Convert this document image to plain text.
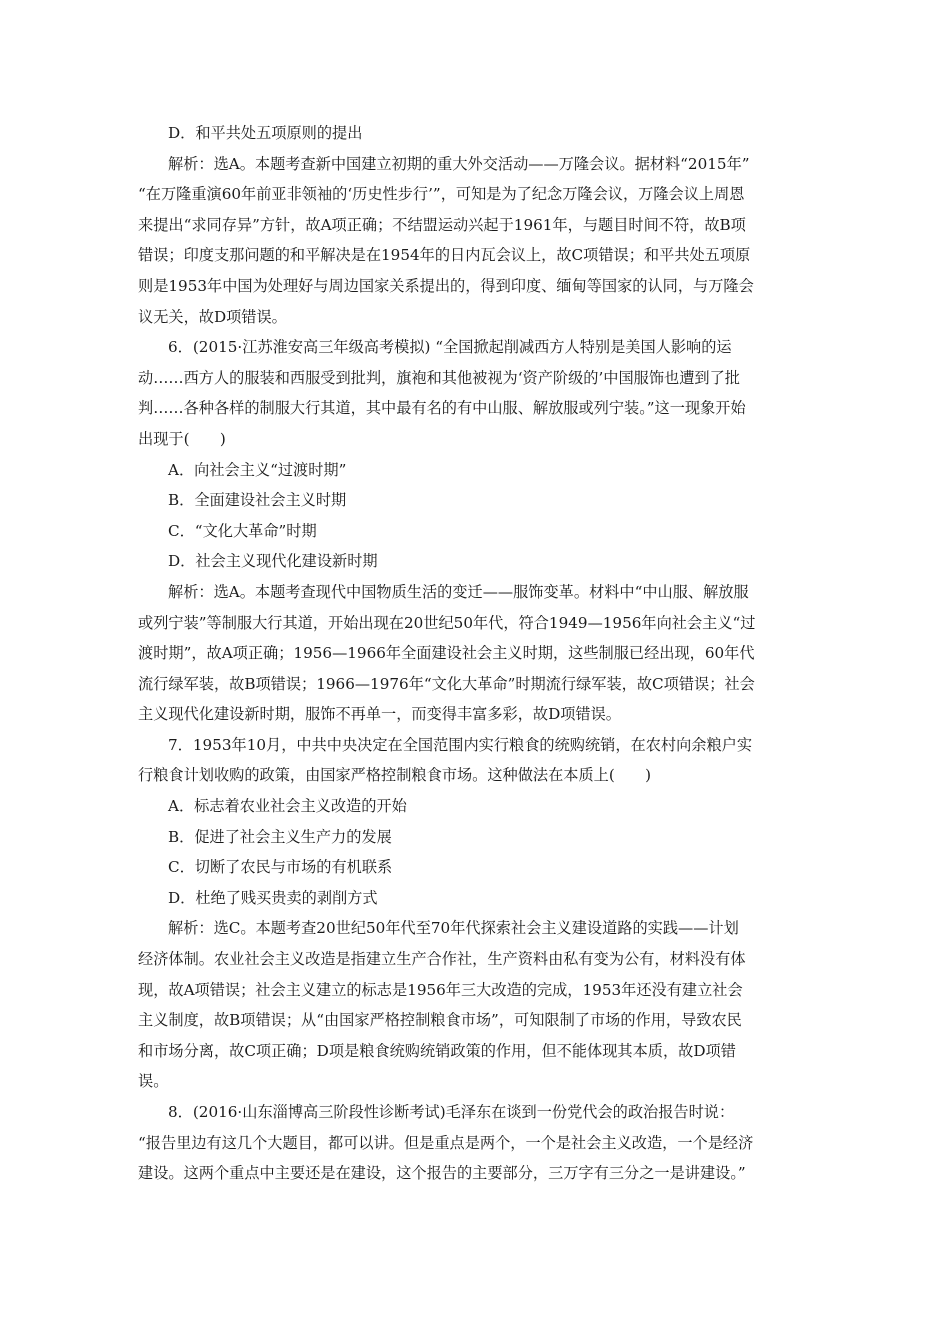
D．和平共处五项原则的提出
解析：选A。本题考查新中国建立初期的重大外交活动——万隆会议。据材料“2015年”
“在万隆重演60年前亚非领袖的‘历史性步行’”，可知是为了纪念万隆会议，万隆会议上周恩
来提出“求同存异”方针，故A项正确；不结盟运动兴起于1961年，与题目时间不符，故B项
错误；印度支那问题的和平解决是在1954年的日内瓦会议上，故C项错误；和平共处五项原
则是1953年中国为处理好与周边国家关系提出的，得到印度、缅甸等国家的认同，与万隆会
议无关，故D项错误。
6．(2015·江苏淮安高三年级高考模拟) “全国掀起削减西方人特别是美国人影响的运
动……西方人的服装和西服受到批判，旗袍和其他被视为‘资产阶级的’中国服饰也遭到了批
判……各种各样的制服大行其道，其中最有名的有中山服、解放服或列宁装。”这一现象开始
出现于(　　)
A．向社会主义“过渡时期”
B．全面建设社会主义时期
C．“文化大革命”时期
D．社会主义现代化建设新时期
解析：选A。本题考查现代中国物质生活的变迁——服饰变革。材料中“中山服、解放服
或列宁装”等制服大行其道，开始出现在20世纪50年代，符合1949—1956年向社会主义“过
渡时期”，故A项正确；1956—1966年全面建设社会主义时期，这些制服已经出现，60年代
流行绿军装，故B项错误；1966—1976年“文化大革命”时期流行绿军装，故C项错误；社会
主义现代化建设新时期，服饰不再单一，而变得丰富多彩，故D项错误。
7．1953年10月，中共中央决定在全国范围内实行粮食的统购统销，在农村向余粮户实
行粮食计划收购的政策，由国家严格控制粮食市场。这种做法在本质上(　　)
A．标志着农业社会主义改造的开始
B．促进了社会主义生产力的发展
C．切断了农民与市场的有机联系
D．杜绝了贱买贵卖的剥削方式
解析：选C。本题考查20世纪50年代至70年代探索社会主义建设道路的实践——计划
经济体制。农业社会主义改造是指建立生产合作社，生产资料由私有变为公有，材料没有体
现，故A项错误；社会主义建立的标志是1956年三大改造的完成，1953年还没有建立社会
主义制度，故B项错误；从“由国家严格控制粮食市场”，可知限制了市场的作用，导致农民
和市场分离，故C项正确；D项是粮食统购统销政策的作用，但不能体现其本质，故D项错
误。
8．(2016·山东淄博高三阶段性诊断考试)毛泽东在谈到一份党代会的政治报告时说：
“报告里边有这几个大题目，都可以讲。但是重点是两个，一个是社会主义改造，一个是经济
建设。这两个重点中主要还是在建设，这个报告的主要部分，三万字有三分之一是讲建设。”
